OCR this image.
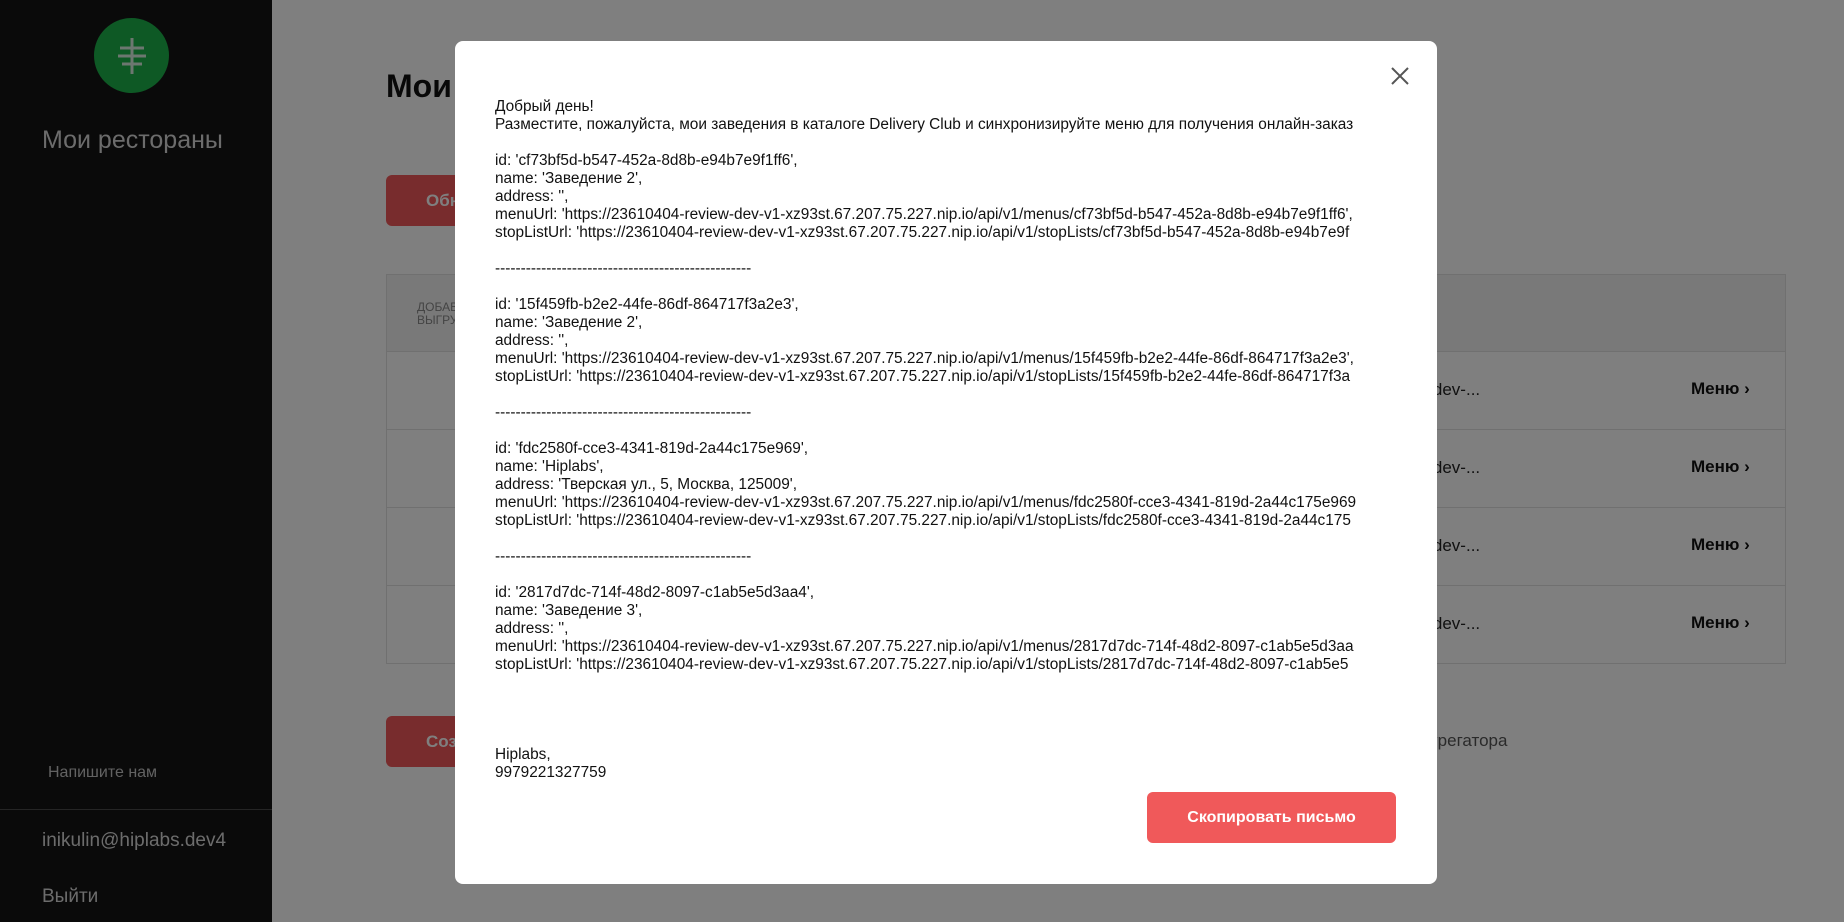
Добрый день!
Разместите, пожалуйста, мои заведения в каталоге Delivery Club и синхронизируйте меню для получения онлайн-заказ

id: 'cf73bf5d-b547-452a-8d8b-e94b7e9f1ff6',
name: 'Заведение 2',
address: '',
menuUrl: 'https://23610404-review-dev-v1-xz93st.67.207.75.227.nip.io/api/v1/menus/cf73bf5d-b547-452a-8d8b-e94b7e9f1ff6',
stopListUrl: 'https://23610404-review-dev-v1-xz93st.67.207.75.227.nip.io/api/v1/stopLists/cf73bf5d-b547-452a-8d8b-e94b7e9f

--------------------------------------------------

id: '15f459fb-b2e2-44fe-86df-864717f3a2e3',
name: 'Заведение 2',
address: '',
menuUrl: 'https://23610404-review-dev-v1-xz93st.67.207.75.227.nip.io/api/v1/menus/15f459fb-b2e2-44fe-86df-864717f3a2e3',
stopListUrl: 'https://23610404-review-dev-v1-xz93st.67.207.75.227.nip.io/api/v1/stopLists/15f459fb-b2e2-44fe-86df-864717f3a

--------------------------------------------------

id: 'fdc2580f-cce3-4341-819d-2a44c175e969',
name: 'Hiplabs',
address: 'Тверская ул., 5, Москва, 125009',
menuUrl: 'https://23610404-review-dev-v1-xz93st.67.207.75.227.nip.io/api/v1/menus/fdc2580f-cce3-4341-819d-2a44c175e969
stopListUrl: 'https://23610404-review-dev-v1-xz93st.67.207.75.227.nip.io/api/v1/stopLists/fdc2580f-cce3-4341-819d-2a44c175

--------------------------------------------------

id: '2817d7dc-714f-48d2-8097-c1ab5e5d3aa4',
name: 'Заведение 3',
address: '',
menuUrl: 'https://23610404-review-dev-v1-xz93st.67.207.75.227.nip.io/api/v1/menus/2817d7dc-714f-48d2-8097-c1ab5e5d3aa
stopListUrl: 'https://23610404-review-dev-v1-xz93st.67.207.75.227.nip.io/api/v1/stopLists/2817d7dc-714f-48d2-8097-c1ab5e5

Hiplabs,
9979221327759
Скопировать письмо
